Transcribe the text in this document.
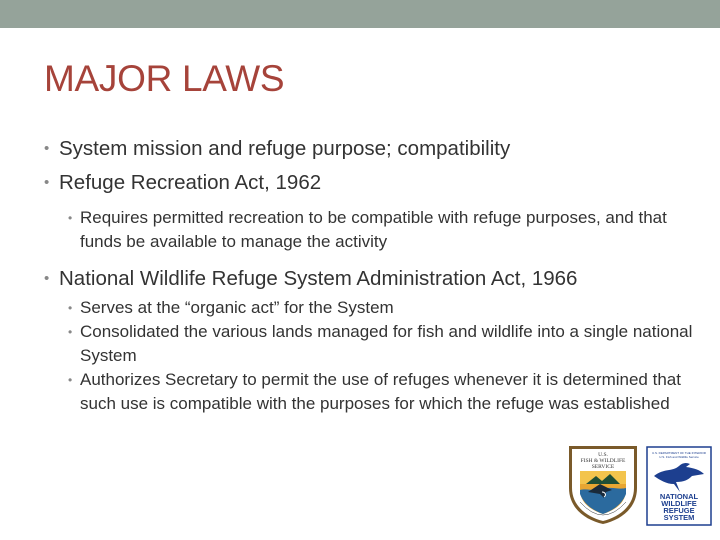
MAJOR LAWS
• System mission and refuge purpose; compatibility
• Refuge Recreation Act, 1962
• Requires permitted recreation to be compatible with refuge purposes, and that funds be available to manage the activity
• National Wildlife Refuge System Administration Act, 1966
• Serves at the “organic act” for the System
• Consolidated the various lands managed for fish and wildlife into a single national System
• Authorizes Secretary to permit the use of refuges whenever it is determined that such use is compatible with the purposes for which the refuge was established
U.S.
FISH & WILDLIFE
SERVICE
U.S. DEPARTMENT OF THE INTERIOR
U.S. Fish and Wildlife Service
NATIONAL
WILDLIFE
REFUGE
SYSTEM
